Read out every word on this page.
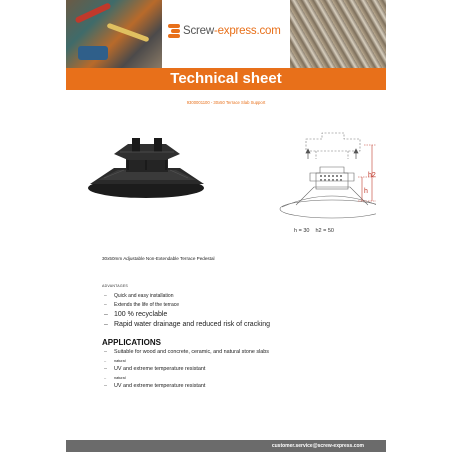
Screw-express.com
Technical sheet
9300001100 - 30x50 Terrace Slab Support
h2
h
h = 30 h2 = 50
30x50mm Adjustable Non-Extendable Terrace Pedestal
ADVANTAGES
– Quick and easy installation
– Extends the life of the terrace
– 100 % recyclable
– Rapid water drainage and reduced risk of cracking
APPLICATIONS
– Suitable for wood and concrete, ceramic, and natural stone slabs
– natural
– UV and extreme temperature resistant
– natural
– UV and extreme temperature resistant
customer.service@screw-express.com
